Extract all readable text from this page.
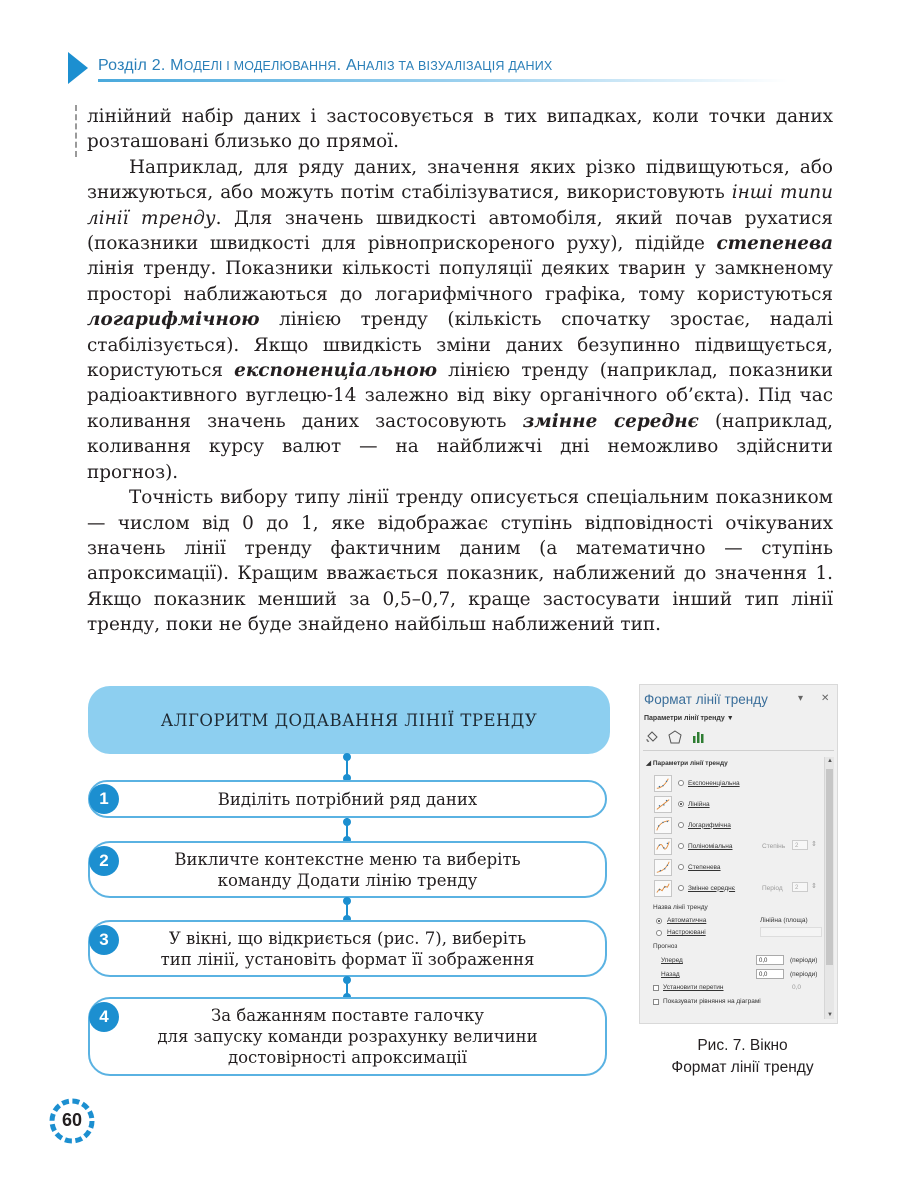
Розділ 2. МОДЕЛІ І МОДЕЛЮВАННЯ. АНАЛІЗ ТА ВІЗУАЛІЗАЦІЯ ДАНИХ

лінійний набір даних і застосовується в тих випадках, коли точки даних розташовані близько до прямої.

Наприклад, для ряду даних, значення яких різко підвищуються, або знижуються, або можуть потім стабілізуватися, використовують інші типи лінії тренду. Для значень швидкості автомобіля, який почав рухатися (показники швидкості для рівноприскореного руху), підійде степенева лінія тренду. Показники кількості популяції деяких тварин у замкненому просторі наближаються до логарифмічного графіка, тому користуються логарифмічною лінією тренду (кількість спочатку зростає, надалі стабілізується). Якщо швидкість зміни даних безупинно підвищується, користуються експоненціальною лінією тренду (наприклад, показники радіоактивного вуглецю-14 залежно від віку органічного об’єкта). Під час коливання значень даних застосовують змінне середнє (наприклад, коливання курсу валют — на найближчі дні неможливо здійснити прогноз).

Точність вибору типу лінії тренду описується спеціальним показником — числом від 0 до 1, яке відображає ступінь відповідності очікуваних значень лінії тренду фактичним даним (а математично — ступінь апроксимації). Кращим вважається показник, наближений до значення 1. Якщо показник менший за 0,5–0,7, краще застосувати інший тип лінії тренду, поки не буде знайдено найбільш наближений тип.

АЛГОРИТМ ДОДАВАННЯ ЛІНІЇ ТРЕНДУ
Виділіть потрібний ряд даних
1
Викличте контекстне меню та виберіть
команду Додати лінію тренду
2
У вікні, що відкриється (рис. 7), виберіть
тип лінії, установіть формат її зображення
3
За бажанням поставте галочку
для запуску команди розрахунку величини
достовірності апроксимації
4
Формат лінії тренду	▾ ✕
Параметри лінії тренду ▼
◢ Параметри лінії тренду
Експоненціальна
Лінійна
Логарифмічна
Поліноміальна	Степінь	2	⇕
Степенева
Змінне середнє	Період	2	⇕
Назва лінії тренду
Автоматична	Лінійна (площа)
Настроювані
Прогноз
Уперед	0,0	(періоди)
Назад	0,0	(періоди)
Установити перетин	0,0
Показувати рівняння на діаграмі
▲
▼
Рис. 7. Вікно
Формат лінії тренду
60
